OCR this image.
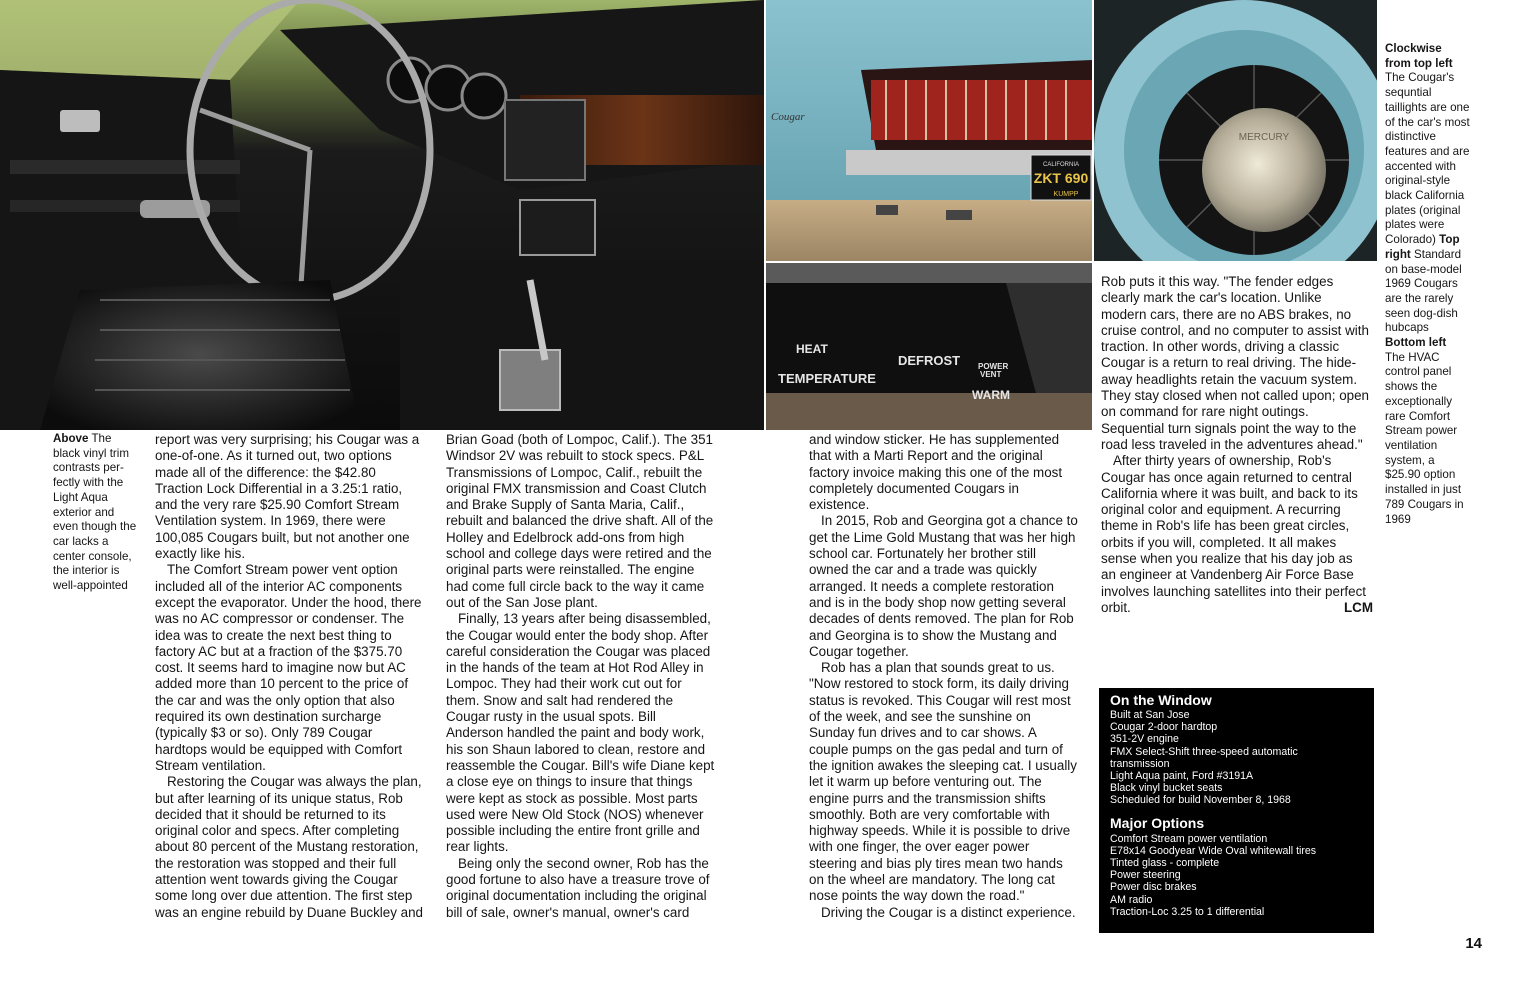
CALIFORNIA
ZKT 690
KUMPP
Cougar
MERCURY
HEAT
TEMPERATURE
DEFROST POWER
VENT
WARM
Above The
black vinyl trim
contrasts per-
fectly with the
Light Aqua
exterior and
even though the
car lacks a
center console,
the interior is
well-appointed
Clockwise
from top left
The Cougar's
sequntial
taillights are one
of the car's most
distinctive
features and are
accented with
original-style
black California
plates (original
plates were
Colorado) Top
right Standard
on base-model
1969 Cougars
are the rarely
seen dog-dish
hubcaps
Bottom left
The HVAC
control panel
shows the
exceptionally
rare Comfort
Stream power
ventilation
system, a
$25.90 option
installed in just
789 Cougars in
1969

report was very surprising; his Cougar was a
one-of-one. As it turned out, two options
made all of the difference: the $42.80
Traction Lock Differential in a 3.25:1 ratio,
and the very rare $25.90 Comfort Stream
Ventilation system. In 1969, there were
100,085 Cougars built, but not another one
exactly like his.

The Comfort Stream power vent option
included all of the interior AC components
except the evaporator. Under the hood, there
was no AC compressor or condenser. The
idea was to create the next best thing to
factory AC but at a fraction of the $375.70
cost. It seems hard to imagine now but AC
added more than 10 percent to the price of
the car and was the only option that also
required its own destination surcharge
(typically $3 or so). Only 789 Cougar
hardtops would be equipped with Comfort
Stream ventilation.

Restoring the Cougar was always the plan,
but after learning of its unique status, Rob
decided that it should be returned to its
original color and specs. After completing
about 80 percent of the Mustang restoration,
the restoration was stopped and their full
attention went towards giving the Cougar
some long over due attention. The first step
was an engine rebuild by Duane Buckley and

Brian Goad (both of Lompoc, Calif.). The 351
Windsor 2V was rebuilt to stock specs. P&L
Transmissions of Lompoc, Calif., rebuilt the
original FMX transmission and Coast Clutch
and Brake Supply of Santa Maria, Calif.,
rebuilt and balanced the drive shaft. All of the
Holley and Edelbrock add-ons from high
school and college days were retired and the
original parts were reinstalled. The engine
had come full circle back to the way it came
out of the San Jose plant.

Finally, 13 years after being disassembled,
the Cougar would enter the body shop. After
careful consideration the Cougar was placed
in the hands of the team at Hot Rod Alley in
Lompoc. They had their work cut out for
them. Snow and salt had rendered the
Cougar rusty in the usual spots. Bill
Anderson handled the paint and body work,
his son Shaun labored to clean, restore and
reassemble the Cougar. Bill's wife Diane kept
a close eye on things to insure that things
were kept as stock as possible. Most parts
used were New Old Stock (NOS) whenever
possible including the entire front grille and
rear lights.

Being only the second owner, Rob has the
good fortune to also have a treasure trove of
original documentation including the original
bill of sale, owner's manual, owner's card

and window sticker. He has supplemented
that with a Marti Report and the original
factory invoice making this one of the most
completely documented Cougars in
existence.

In 2015, Rob and Georgina got a chance to
get the Lime Gold Mustang that was her high
school car. Fortunately her brother still
owned the car and a trade was quickly
arranged. It needs a complete restoration
and is in the body shop now getting several
decades of dents removed. The plan for Rob
and Georgina is to show the Mustang and
Cougar together.

Rob has a plan that sounds great to us.
"Now restored to stock form, its daily driving
status is revoked. This Cougar will rest most
of the week, and see the sunshine on
Sunday fun drives and to car shows. A
couple pumps on the gas pedal and turn of
the ignition awakes the sleeping cat. I usually
let it warm up before venturing out. The
engine purrs and the transmission shifts
smoothly. Both are very comfortable with
highway speeds. While it is possible to drive
with one finger, the over eager power
steering and bias ply tires mean two hands
on the wheel are mandatory. The long cat
nose points the way down the road."

Driving the Cougar is a distinct experience.

Rob puts it this way. "The fender edges
clearly mark the car's location. Unlike
modern cars, there are no ABS brakes, no
cruise control, and no computer to assist with
traction. In other words, driving a classic
Cougar is a return to real driving. The hide-
away headlights retain the vacuum system.
They stay closed when not called upon; open
on command for rare night outings.
Sequential turn signals point the way to the
road less traveled in the adventures ahead."

After thirty years of ownership, Rob's
Cougar has once again returned to central
California where it was built, and back to its
original color and equipment. A recurring
theme in Rob's life has been great circles,
orbits if you will, completed. It all makes
sense when you realize that his day job as
an engineer at Vandenberg Air Force Base
involves launching satellites into their perfect
orbit.	LCM

On the Window
Built at San Jose
Cougar 2-door hardtop
351-2V engine
FMX Select-Shift three-speed automatic
transmission
Light Aqua paint, Ford #3191A
Black vinyl bucket seats
Scheduled for build November 8, 1968
Major Options
Comfort Stream power ventilation
E78x14 Goodyear Wide Oval whitewall tires
Tinted glass - complete
Power steering
Power disc brakes
AM radio
Traction-Loc 3.25 to 1 differential
14
